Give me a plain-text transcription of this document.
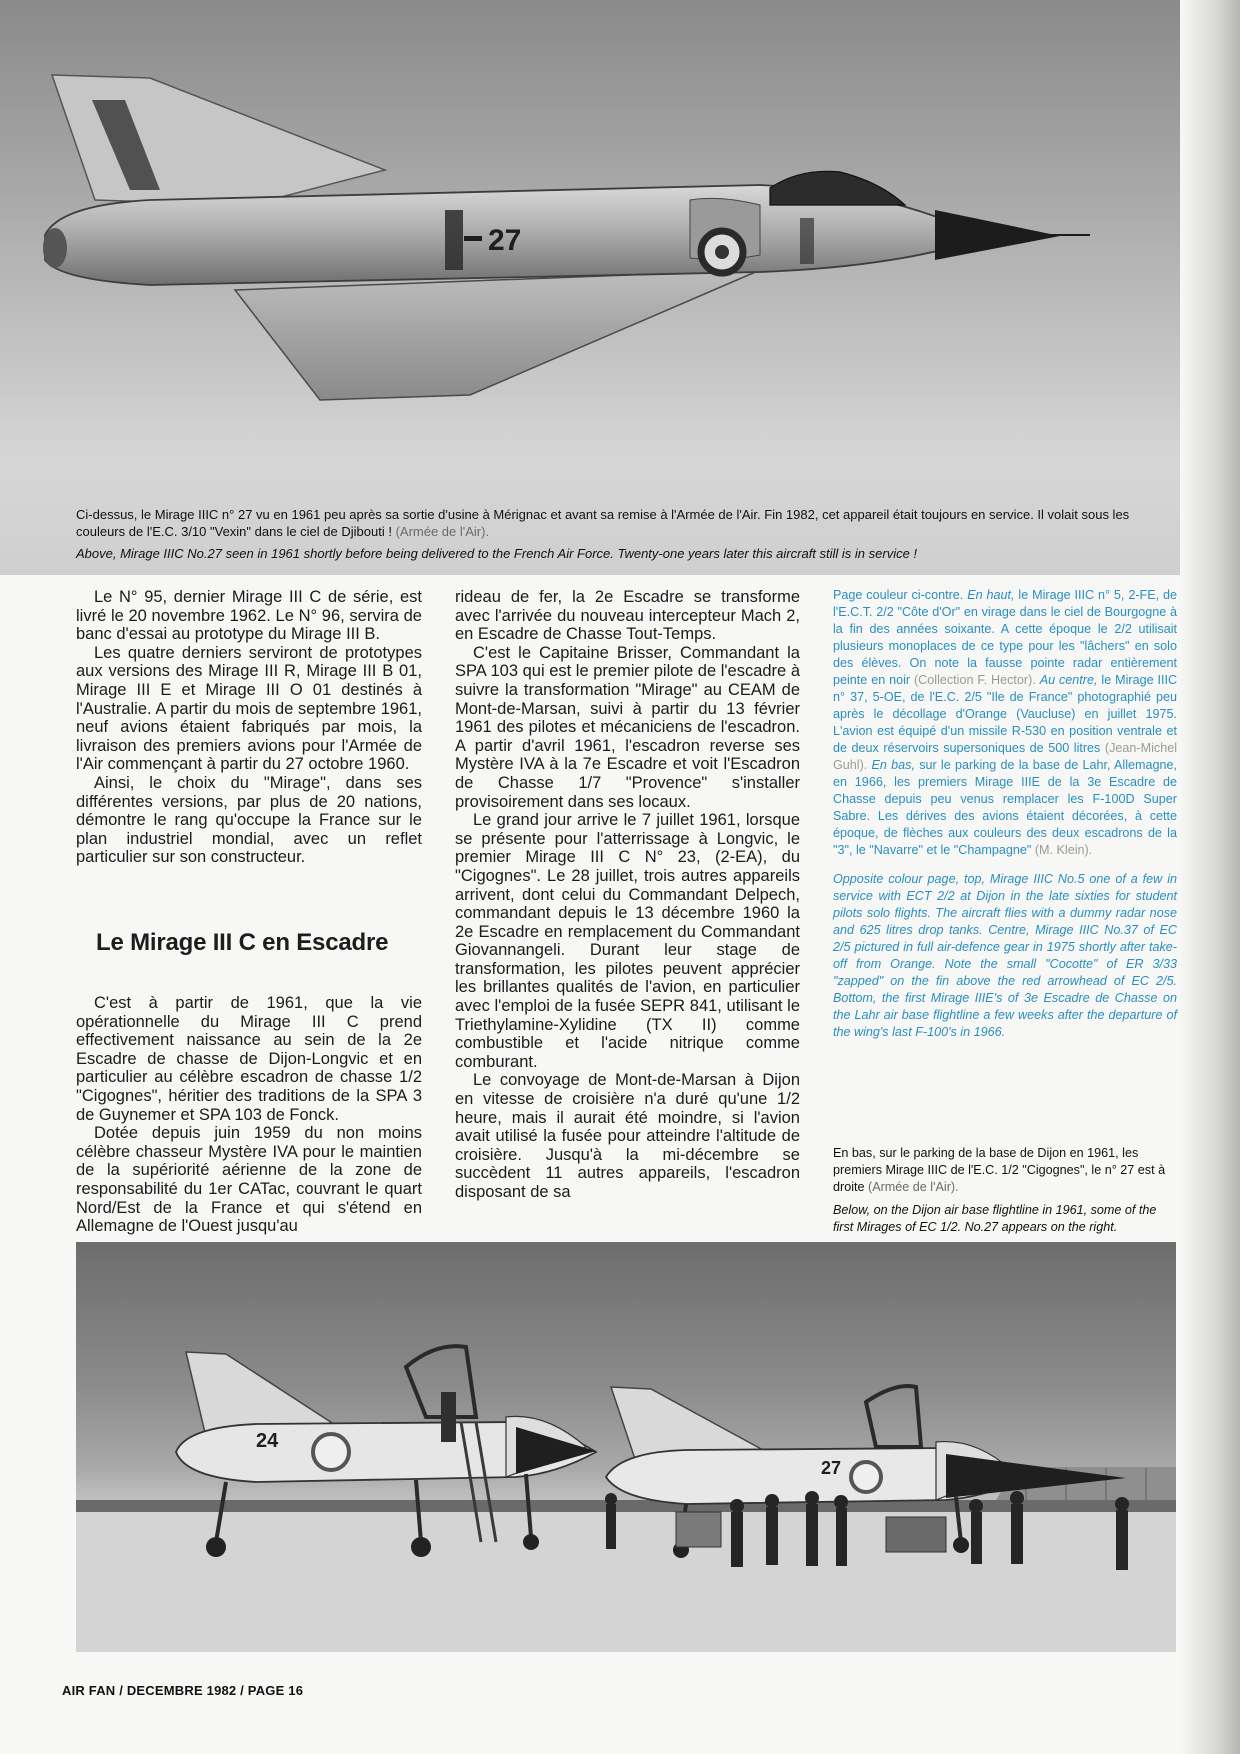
27
Ci-dessus, le Mirage IIIC n° 27 vu en 1961 peu après sa sortie d'usine à Mérignac et avant sa remise à l'Armée de l'Air. Fin 1982, cet appareil était toujours en service. Il volait sous les couleurs de l'E.C. 3/10 "Vexin" dans le ciel de Djibouti ! (Armée de l'Air).
Above, Mirage IIIC No.27 seen in 1961 shortly before being delivered to the French Air Force. Twenty-one years later this aircraft still is in service !

Le N° 95, dernier Mirage III C de série, est livré le 20 novembre 1962. Le N° 96, servira de banc d'essai au prototype du Mirage III B.

Les quatre derniers serviront de prototypes aux versions des Mirage III R, Mirage III B 01, Mirage III E et Mirage III O 01 destinés à l'Australie. A partir du mois de septembre 1961, neuf avions étaient fabriqués par mois, la livraison des premiers avions pour l'Armée de l'Air commençant à partir du 27 octobre 1960.

Ainsi, le choix du "Mirage", dans ses différentes versions, par plus de 20 nations, démontre le rang qu'occupe la France sur le plan industriel mondial, avec un reflet particulier sur son constructeur.

Le Mirage III C en Escadre

C'est à partir de 1961, que la vie opérationnelle du Mirage III C prend effectivement naissance au sein de la 2e Escadre de chasse de Dijon-Longvic et en particulier au célèbre escadron de chasse 1/2 "Cigognes", héritier des traditions de la SPA 3 de Guynemer et SPA 103 de Fonck.

Dotée depuis juin 1959 du non moins célèbre chasseur Mystère IVA pour le maintien de la supériorité aérienne de la zone de responsabilité du 1er CATac, couvrant le quart Nord/Est de la France et qui s'étend en Allemagne de l'Ouest jusqu'au

rideau de fer, la 2e Escadre se transforme avec l'arrivée du nouveau intercepteur Mach 2, en Escadre de Chasse Tout-Temps.

C'est le Capitaine Brisser, Commandant la SPA 103 qui est le premier pilote de l'escadre à suivre la transformation "Mirage" au CEAM de Mont-de-Marsan, suivi à partir du 13 février 1961 des pilotes et mécaniciens de l'escadron. A partir d'avril 1961, l'escadron reverse ses Mystère IVA à la 7e Escadre et voit l'Escadron de Chasse 1/7 "Provence" s'installer provisoirement dans ses locaux.

Le grand jour arrive le 7 juillet 1961, lorsque se présente pour l'atterrissage à Longvic, le premier Mirage III C N° 23, (2-EA), du "Cigognes". Le 28 juillet, trois autres appareils arrivent, dont celui du Commandant Delpech, commandant depuis le 13 décembre 1960 la 2e Escadre en remplacement du Commandant Giovannangeli. Durant leur stage de transformation, les pilotes peuvent apprécier les brillantes qualités de l'avion, en particulier avec l'emploi de la fusée SEPR 841, utilisant le Triethylamine-Xylidine (TX II) comme combustible et l'acide nitrique comme comburant.

Le convoyage de Mont-de-Marsan à Dijon en vitesse de croisière n'a duré qu'une 1/2 heure, mais il aurait été moindre, si l'avion avait utilisé la fusée pour atteindre l'altitude de croisière. Jusqu'à la mi-décembre se succèdent 11 autres appareils, l'escadron disposant de sa

Page couleur ci-contre. En haut, le Mirage IIIC n° 5, 2-FE, de l'E.C.T. 2/2 "Côte d'Or" en virage dans le ciel de Bourgogne à la fin des années soixante. A cette époque le 2/2 utilisait plusieurs monoplaces de ce type pour les "lâchers" en solo des élèves. On note la fausse pointe radar entièrement peinte en noir (Collection F. Hector). Au centre, le Mirage IIIC n° 37, 5-OE, de l'E.C. 2/5 "Ile de France" photographié peu après le décollage d'Orange (Vaucluse) en juillet 1975. L'avion est équipé d'un missile R-530 en position ventrale et de deux réservoirs supersoniques de 500 litres (Jean-Michel Guhl). En bas, sur le parking de la base de Lahr, Allemagne, en 1966, les premiers Mirage IIIE de la 3e Escadre de Chasse depuis peu venus remplacer les F-100D Super Sabre. Les dérives des avions étaient décorées, à cette époque, de flèches aux couleurs des deux escadrons de la "3", le "Navarre" et le "Champagne" (M. Klein).

Opposite colour page, top, Mirage IIIC No.5 one of a few in service with ECT 2/2 at Dijon in the late sixties for student pilots solo flights. The aircraft flies with a dummy radar nose and 625 litres drop tanks. Centre, Mirage IIIC No.37 of EC 2/5 pictured in full air-defence gear in 1975 shortly after take-off from Orange. Note the small "Cocotte" of ER 3/33 "zapped" on the fin above the red arrowhead of EC 2/5. Bottom, the first Mirage IIIE's of 3e Escadre de Chasse on the Lahr air base flightline a few weeks after the departure of the wing's last F-100's in 1966.

En bas, sur le parking de la base de Dijon en 1961, les premiers Mirage IIIC de l'E.C. 1/2 "Cigognes", le n° 27 est à droite (Armée de l'Air).

Below, on the Dijon air base flightline in 1961, some of the first Mirages of EC 1/2. No.27 appears on the right.

24
27
AIR FAN / DECEMBRE 1982 / PAGE 16
